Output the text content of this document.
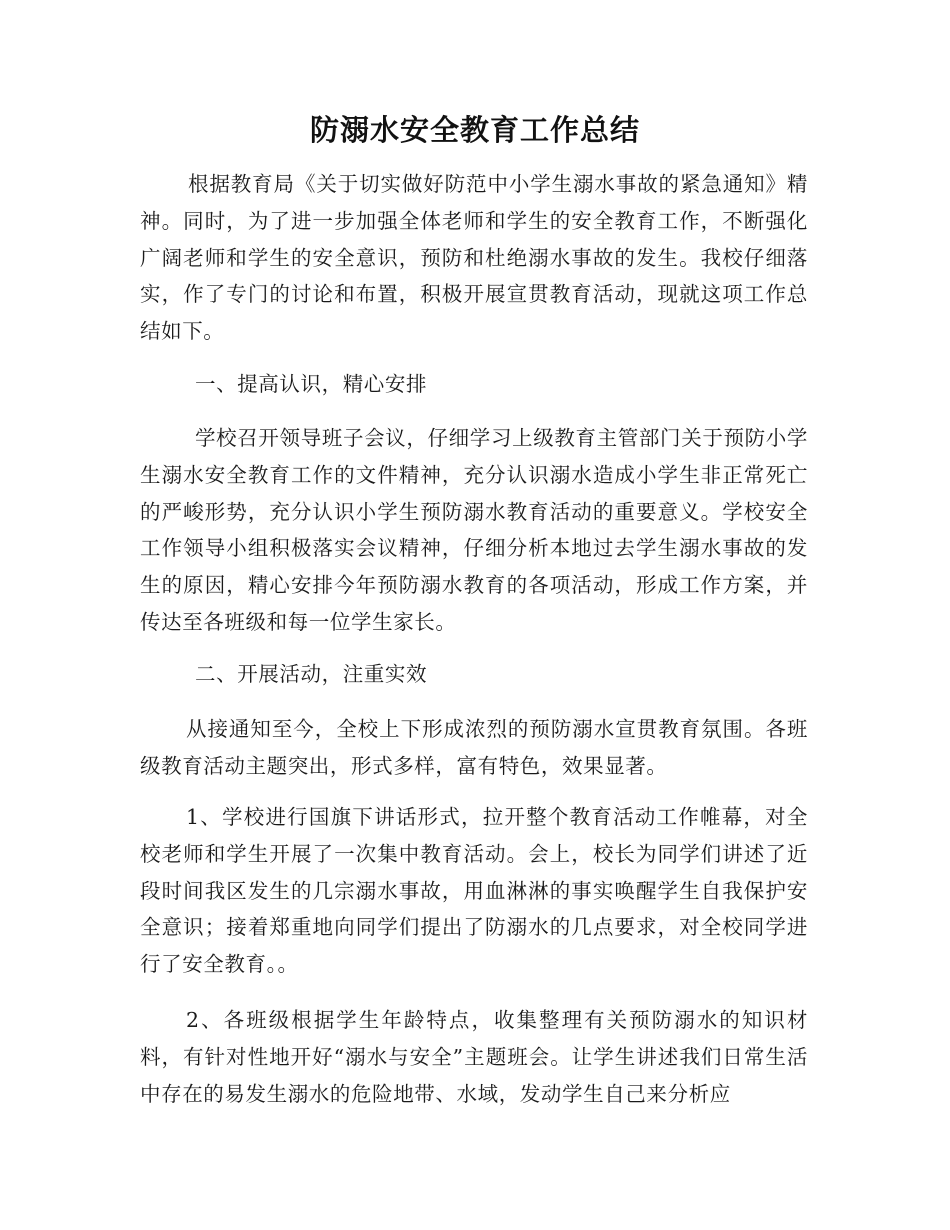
防溺水安全教育工作总结

根据教育局《关于切实做好防范中小学生溺水事故的紧急通知》精神。同时，为了进一步加强全体老师和学生的安全教育工作，不断强化广阔老师和学生的安全意识，预防和杜绝溺水事故的发生。我校仔细落实，作了专门的讨论和布置，积极开展宣贯教育活动，现就这项工作总结如下。

一、提高认识，精心安排

学校召开领导班子会议，仔细学习上级教育主管部门关于预防小学生溺水安全教育工作的文件精神，充分认识溺水造成小学生非正常死亡的严峻形势，充分认识小学生预防溺水教育活动的重要意义。学校安全工作领导小组积极落实会议精神，仔细分析本地过去学生溺水事故的发生的原因，精心安排今年预防溺水教育的各项活动，形成工作方案，并传达至各班级和每一位学生家长。

二、开展活动，注重实效

从接通知至今，全校上下形成浓烈的预防溺水宣贯教育氛围。各班级教育活动主题突出，形式多样，富有特色，效果显著。

1、学校进行国旗下讲话形式，拉开整个教育活动工作帷幕，对全校老师和学生开展了一次集中教育活动。会上，校长为同学们讲述了近段时间我区发生的几宗溺水事故，用血淋淋的事实唤醒学生自我保护安全意识；接着郑重地向同学们提出了防溺水的几点要求，对全校同学进行了安全教育。。

2、各班级根据学生年龄特点，收集整理有关预防溺水的知识材料，有针对性地开好“溺水与安全”主题班会。让学生讲述我们日常生活中存在的易发生溺水的危险地带、水域，发动学生自己来分析应
